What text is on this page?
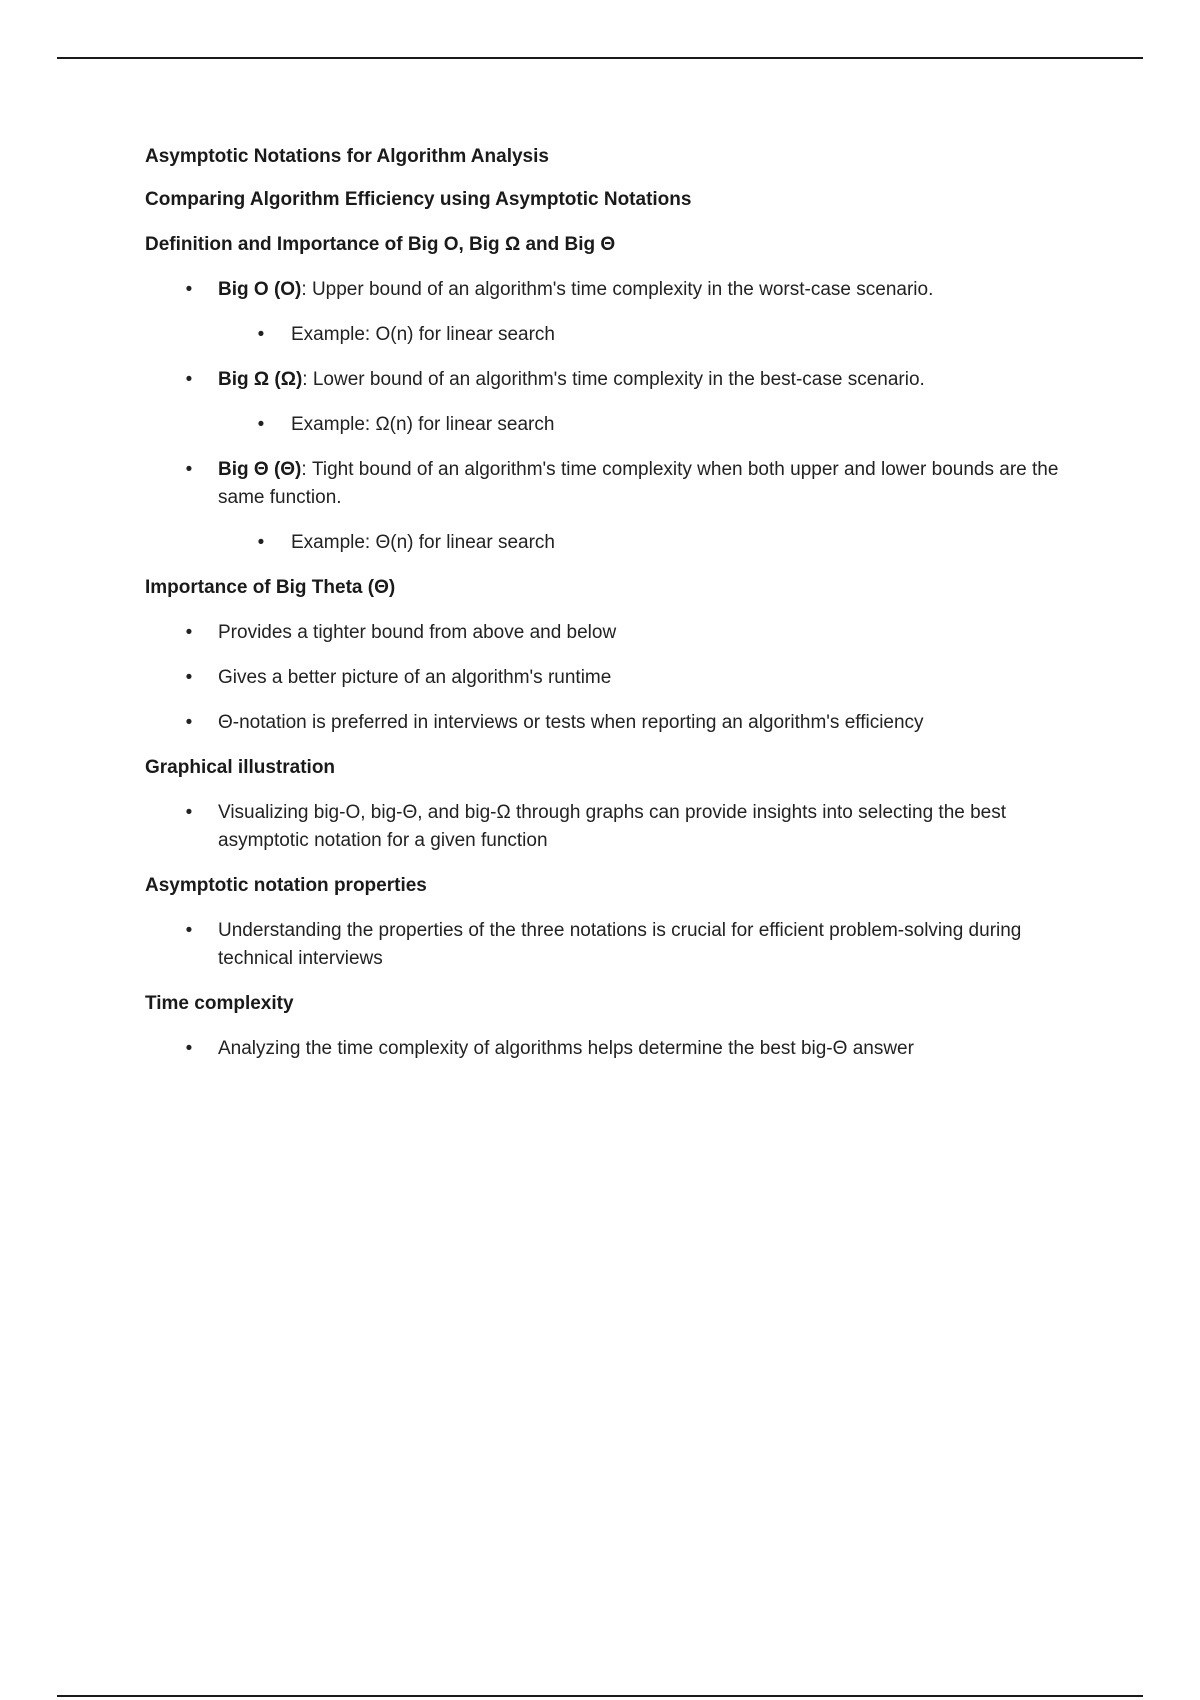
Asymptotic Notations for Algorithm Analysis
Comparing Algorithm Efficiency using Asymptotic Notations
Definition and Importance of Big O, Big Ω and Big Θ
• Big O (O): Upper bound of an algorithm's time complexity in the worst-case scenario.
• Example: O(n) for linear search
• Big Ω (Ω): Lower bound of an algorithm's time complexity in the best-case scenario.
• Example: Ω(n) for linear search
• Big Θ (Θ): Tight bound of an algorithm's time complexity when both upper and lower bounds are the same function.
• Example: Θ(n) for linear search
Importance of Big Theta (Θ)
• Provides a tighter bound from above and below
• Gives a better picture of an algorithm's runtime
• Θ-notation is preferred in interviews or tests when reporting an algorithm's efficiency
Graphical illustration
• Visualizing big-O, big-Θ, and big-Ω through graphs can provide insights into selecting the best asymptotic notation for a given function
Asymptotic notation properties
• Understanding the properties of the three notations is crucial for efficient problem-solving during technical interviews
Time complexity
• Analyzing the time complexity of algorithms helps determine the best big-Θ answer
